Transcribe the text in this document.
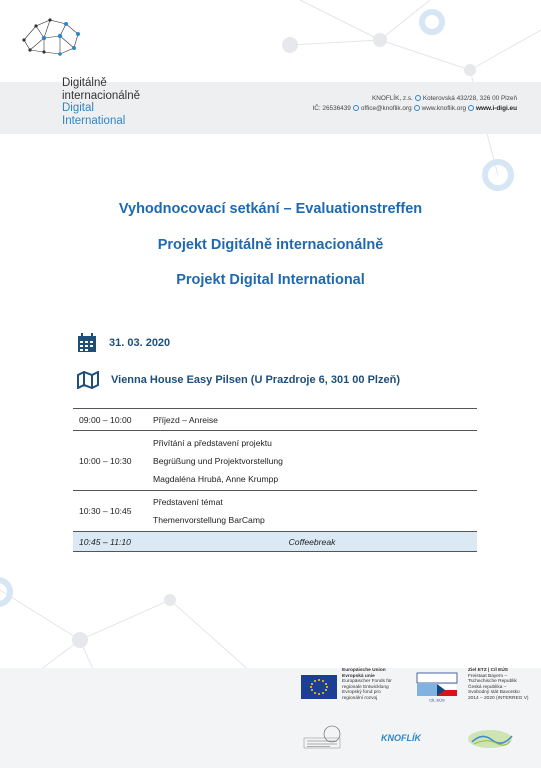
Digitálně
internacionálně
Digital
International
KNOFLÍK, z.s. Koterovská 432/28, 326 00 Plzeň
IČ: 26536439 office@knoflik.org www.knoflik.org www.i-digi.eu
Vyhodnocovací setkání – Evaluationstreffen
Projekt Digitálně internacionálně
Projekt Digital International
31. 03. 2020
Vienna House Easy Pilsen (U Prazdroje 6, 301 00 Plzeň)
09:00 – 10:00	Příjezd – Anreise

10:00 – 10:30	Přivítání a představení projektu
Begrüßung und Projektvorstellung
Magdaléna Hrubá, Anne Krumpp

10:30 – 10:45	Představení témat
Themenvorstellung BarCamp

10:45 – 11:10	Coffeebreak
Europäische Union
Evropská unie
Europäischer Fonds für
regionale Entwicklung
Evropský fond pro
regionální rozvoj	CÍL EÚS
Ziel ETZ | Cíl EÚS
Freistaat Bayern –
Tschechische Republik
Česká republika –
Svobodný stát Bavorsko
2014 – 2020 (INTERREG V)
KNOFLÍK
